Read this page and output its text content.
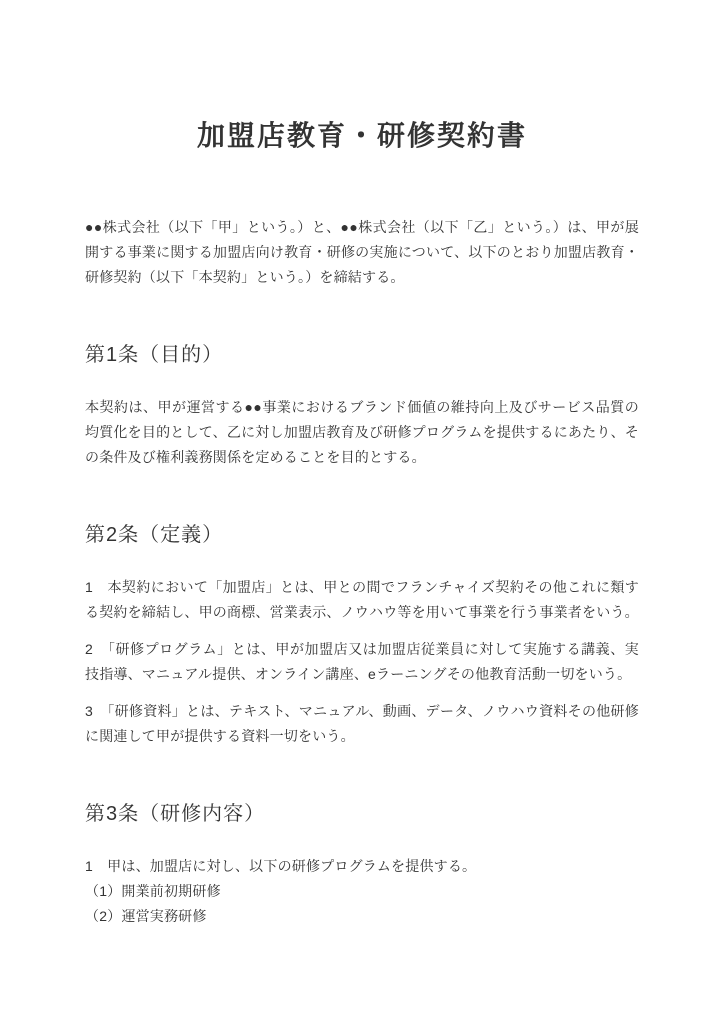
加盟店教育・研修契約書

●●株式会社（以下「甲」という。）と、●●株式会社（以下「乙」という。）は、甲が展開する事業に関する加盟店向け教育・研修の実施について、以下のとおり加盟店教育・研修契約（以下「本契約」という。）を締結する。

第1条（目的）

本契約は、甲が運営する●●事業におけるブランド価値の維持向上及びサービス品質の均質化を目的として、乙に対し加盟店教育及び研修プログラムを提供するにあたり、その条件及び権利義務関係を定めることを目的とする。

第2条（定義）

1　本契約において「加盟店」とは、甲との間でフランチャイズ契約その他これに類する契約を締結し、甲の商標、営業表示、ノウハウ等を用いて事業を行う事業者をいう。

2　「研修プログラム」とは、甲が加盟店又は加盟店従業員に対して実施する講義、実技指導、マニュアル提供、オンライン講座、eラーニングその他教育活動一切をいう。

3　「研修資料」とは、テキスト、マニュアル、動画、データ、ノウハウ資料その他研修に関連して甲が提供する資料一切をいう。

第3条（研修内容）

1　甲は、加盟店に対し、以下の研修プログラムを提供する。

（1）開業前初期研修

（2）運営実務研修
